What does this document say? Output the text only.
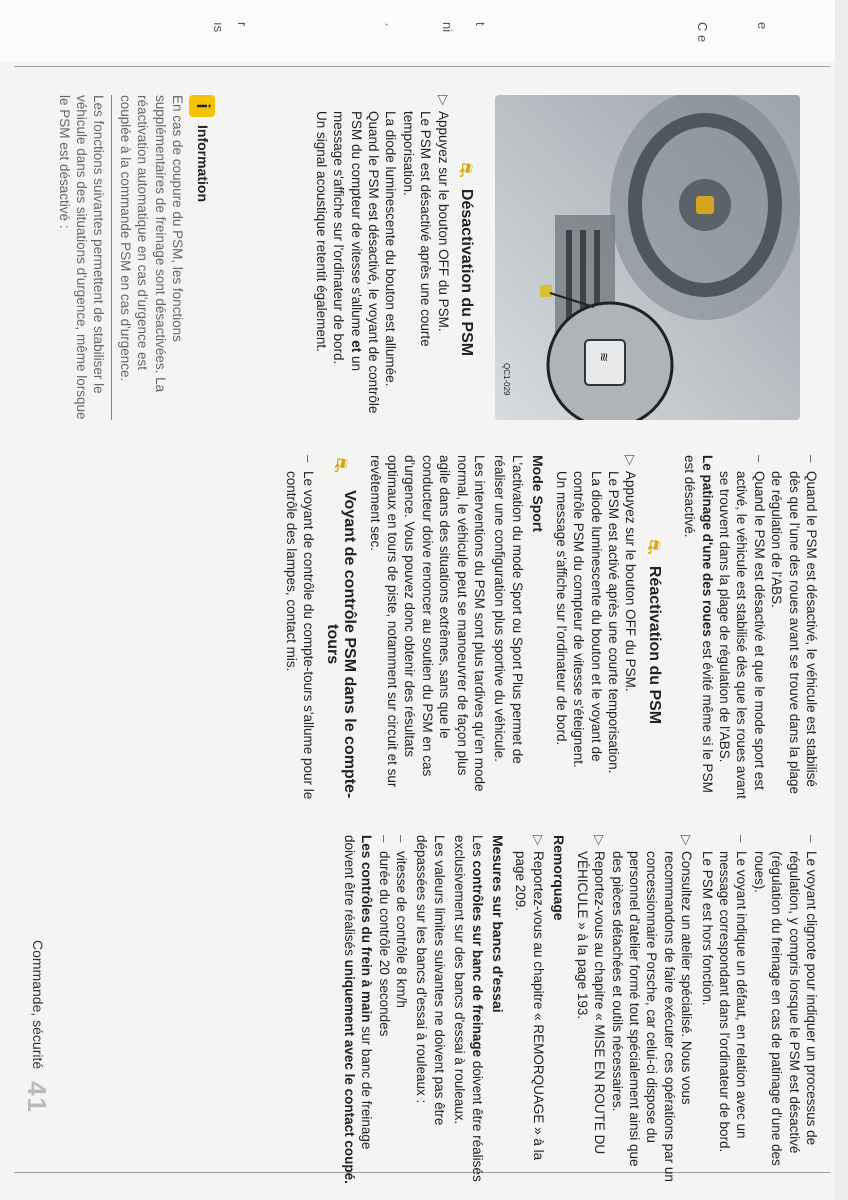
e
C e
t
ni
ˏ
r
ıs
≋
QC1-029
⛐
Désactivation du PSM
▷
Appuyez sur le bouton OFF du PSM.
Le PSM est désactivé après une courte temporisation.
La diode luminescente du bouton est allumée.
Quand le PSM est désactivé, le voyant de contrôle PSM du compteur de vitesse s'allume et un message s'affiche sur l'ordinateur de bord.
Un signal acoustique retentit également.
i
Information
En cas de coupure du PSM, les fonctions supplémentaires de freinage sont désactivées. La réactivation automatique en cas d'urgence est couplée à la commande PSM en cas d'urgence.
Les fonctions suivantes permettent de stabiliser le véhicule dans des situations d'urgence, même lorsque le PSM est désactivé :
–
Quand le PSM est désactivé, le véhicule est stabilisé dès que l'une des roues avant se trouve dans la plage de régulation de l'ABS.
–
Quand le PSM est désactivé et que le mode sport est activé, le véhicule est stabilisé dès que les roues avant se trouvent dans la plage de régulation de l'ABS.

Le patinage d'une des roues est évité même si le PSM est désactivé.

⛐
Réactivation du PSM
▷
Appuyez sur le bouton OFF du PSM.
Le PSM est activé après une courte temporisation.
La diode luminescente du bouton et le voyant de contrôle PSM du compteur de vitesse s'éteignent.
Un message s'affiche sur l'ordinateur de bord.
Mode Sport

L'activation du mode Sport ou Sport Plus permet de réaliser une configuration plus sportive du véhicule.

Les interventions du PSM sont plus tardives qu'en mode normal, le véhicule peut se manoeuvrer de façon plus agile dans des situations extrêmes, sans que le conducteur doive renoncer au soutien du PSM en cas d'urgence. Vous pouvez donc obtenir des résultats optimaux en tours de piste, notamment sur circuit et sur revêtement sec.

⛐
Voyant de contrôle PSM dans le compte-tours
–
Le voyant de contrôle du compte-tours s'allume pour le contrôle des lampes, contact mis.
–
Le voyant clignote pour indiquer un processus de régulation, y compris lorsque le PSM est désactivé (régulation du freinage en cas de patinage d'une des roues).
–
Le voyant indique un défaut, en relation avec un message correspondant dans l'ordinateur de bord.

Le PSM est hors fonction.

▷
Consultez un atelier spécialisé. Nous vous recommandons de faire exécuter ces opérations par un concessionnaire Porsche, car celui-ci dispose du personnel d'atelier formé tout spécialement ainsi que des pièces détachées et outils nécessaires.
▷
Reportez-vous au chapitre « MISE EN ROUTE DU VÉHICULE » à la page 193.
Remorquage
▷
Reportez-vous au chapitre « REMORQUAGE » à la page 209.
Mesures sur bancs d'essai

Les contrôles sur banc de freinage doivent être réalisés exclusivement sur des bancs d'essai à rouleaux.

Les valeurs limites suivantes ne doivent pas être dépassées sur les bancs d'essai à rouleaux :

–
vitesse de contrôle 8 km/h
–
durée du contrôle 20 secondes

Les contrôles du frein à main sur banc de freinage doivent être réalisés uniquement avec le contact coupé.

Commande, sécurité 41
